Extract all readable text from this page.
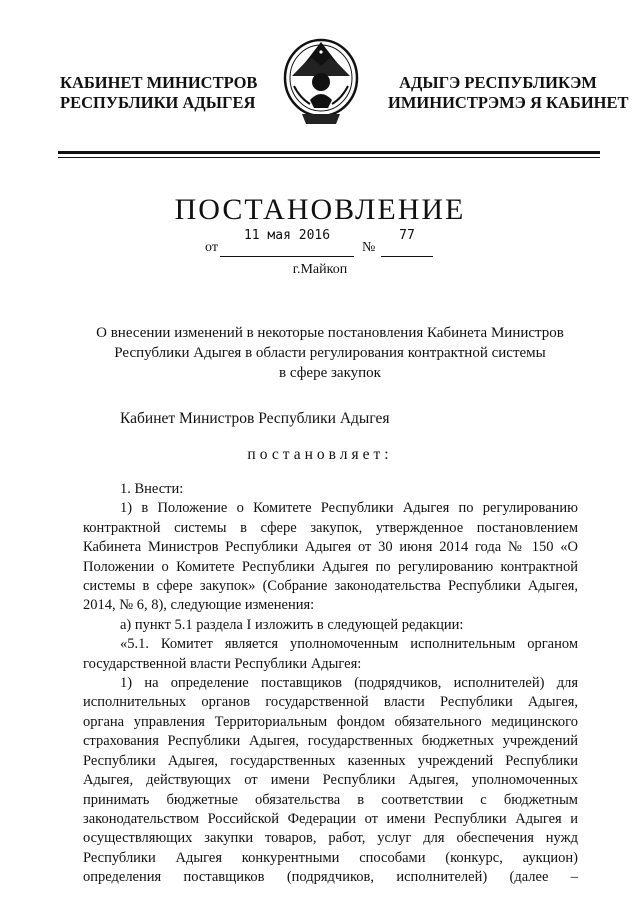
КАБИНЕТ МИНИСТРОВ
РЕСПУБЛИКИ АДЫГЕЯ
АДЫГЭ РЕСПУБЛИКЭМ
ИМИНИСТРЭМЭ Я КАБИНЕТ
ПОСТАНОВЛЕНИЕ
от
11 мая 2016
№
77
г.Майкоп
О внесении изменений в некоторые постановления Кабинета Министров
Республики Адыгея в области регулирования контрактной системы
в сфере закупок
Кабинет Министров Республики Адыгея
постановляет:

1. Внести:

1) в Положение о Комитете Республики Адыгея по регулированию

контрактной системы в сфере закупок, утвержденное постановлением

Кабинета Министров Республики Адыгея от 30 июня 2014 года № 150 «О

Положении о Комитете Республики Адыгея по регулированию контрактной

системы в сфере закупок» (Собрание законодательства Республики Адыгея,

2014, № 6, 8), следующие изменения:

а) пункт 5.1 раздела I изложить в следующей редакции:

«5.1. Комитет является уполномоченным исполнительным органом

государственной власти Республики Адыгея:

1) на определение поставщиков (подрядчиков, исполнителей) для

исполнительных органов государственной власти Республики Адыгея,

органа управления Территориальным фондом обязательного медицинского

страхования Республики Адыгея, государственных бюджетных учреждений

Республики Адыгея, государственных казенных учреждений Республики

Адыгея, действующих от имени Республики Адыгея, уполномоченных

принимать бюджетные обязательства в соответствии с бюджетным

законодательством Российской Федерации от имени Республики Адыгея и

осуществляющих закупки товаров, работ, услуг для обеспечения нужд

Республики Адыгея конкурентными способами (конкурс, аукцион)

определения поставщиков (подрядчиков, исполнителей) (далее –
